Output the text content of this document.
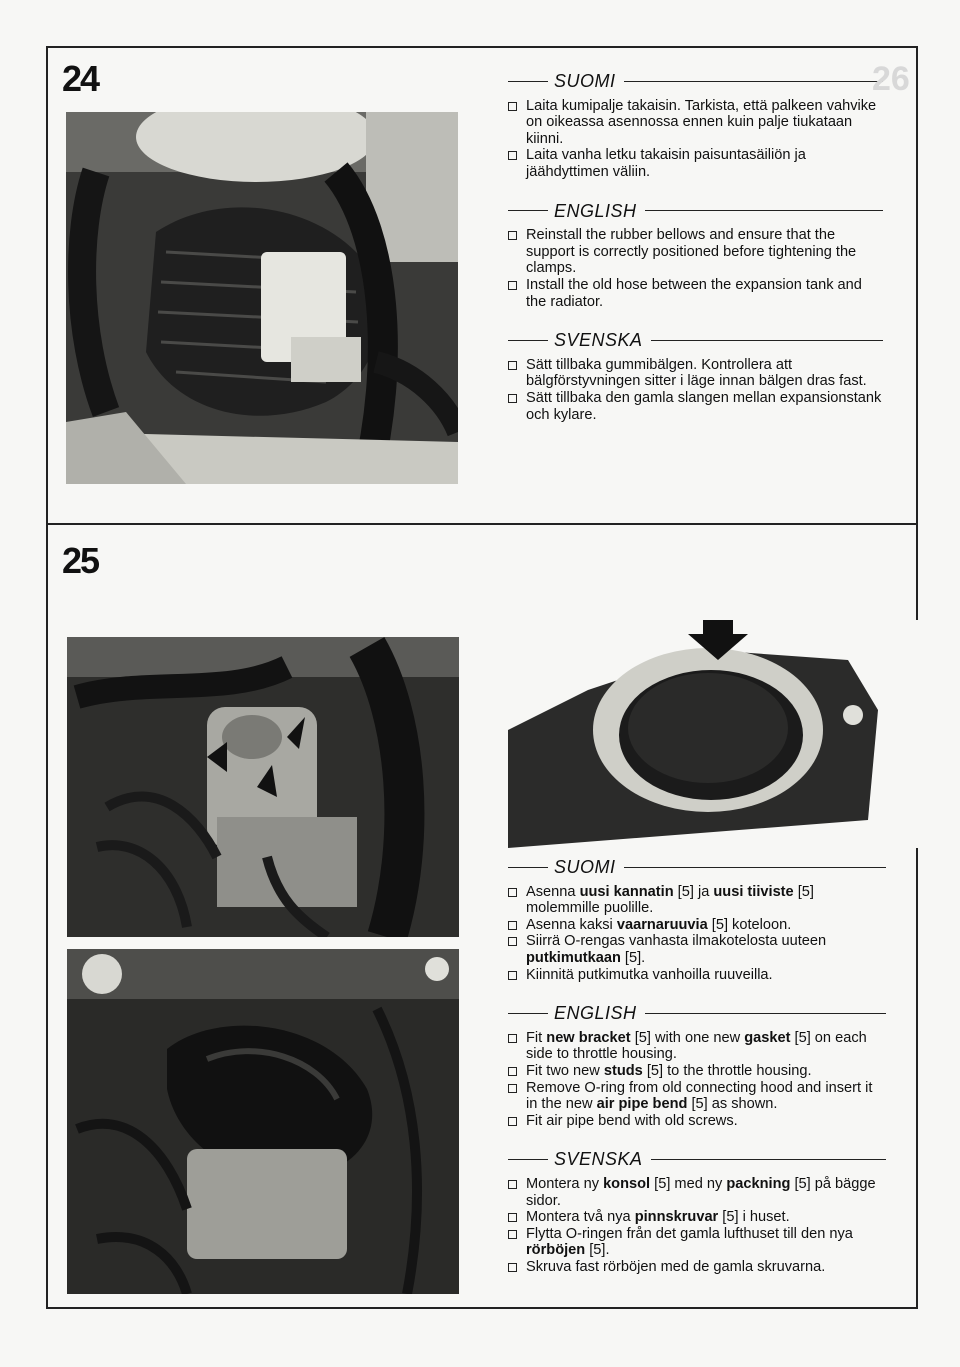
24	SUOMI

Laita kumipalje takaisin. Tarkista, että palkeen vahvike on oikeassa asennossa ennen kuin palje tiukataan kiinni.

Laita vanha letku takaisin paisuntasäiliön ja jäähdyttimen väliin.

ENGLISH

Reinstall the rubber bellows and ensure that the support is correctly positioned before tightening the clamps.

Install the old hose between the expansion tank and the radiator.

SVENSKA

Sätt tillbaka gummibälgen. Kontrollera att bälgförstyvningen sitter i läge innan bälgen dras fast.

Sätt tillbaka den gamla slangen mellan expansionstank och kylare.

25
26
SUOMI

Asenna uusi kannatin [5] ja uusi tiiviste [5] molemmille puolille.

Asenna kaksi vaarnaruuvia [5] koteloon.

Siirrä O-rengas vanhasta ilmakotelosta uuteen putkimutkaan [5].

Kiinnitä putkimutka vanhoilla ruuveilla.

ENGLISH

Fit new bracket [5] with one new gasket [5] on each side to throttle housing.

Fit two new studs [5] to the throttle housing.

Remove O-ring from old connecting hood and insert it in the new air pipe bend [5] as shown.

Fit air pipe bend with old screws.

SVENSKA

Montera ny konsol [5] med ny packning [5] på bägge sidor.

Montera två nya pinnskruvar [5] i huset.

Flytta O-ringen från det gamla lufthuset till den nya rörböjen [5].

Skruva fast rörböjen med de gamla skruvarna.
